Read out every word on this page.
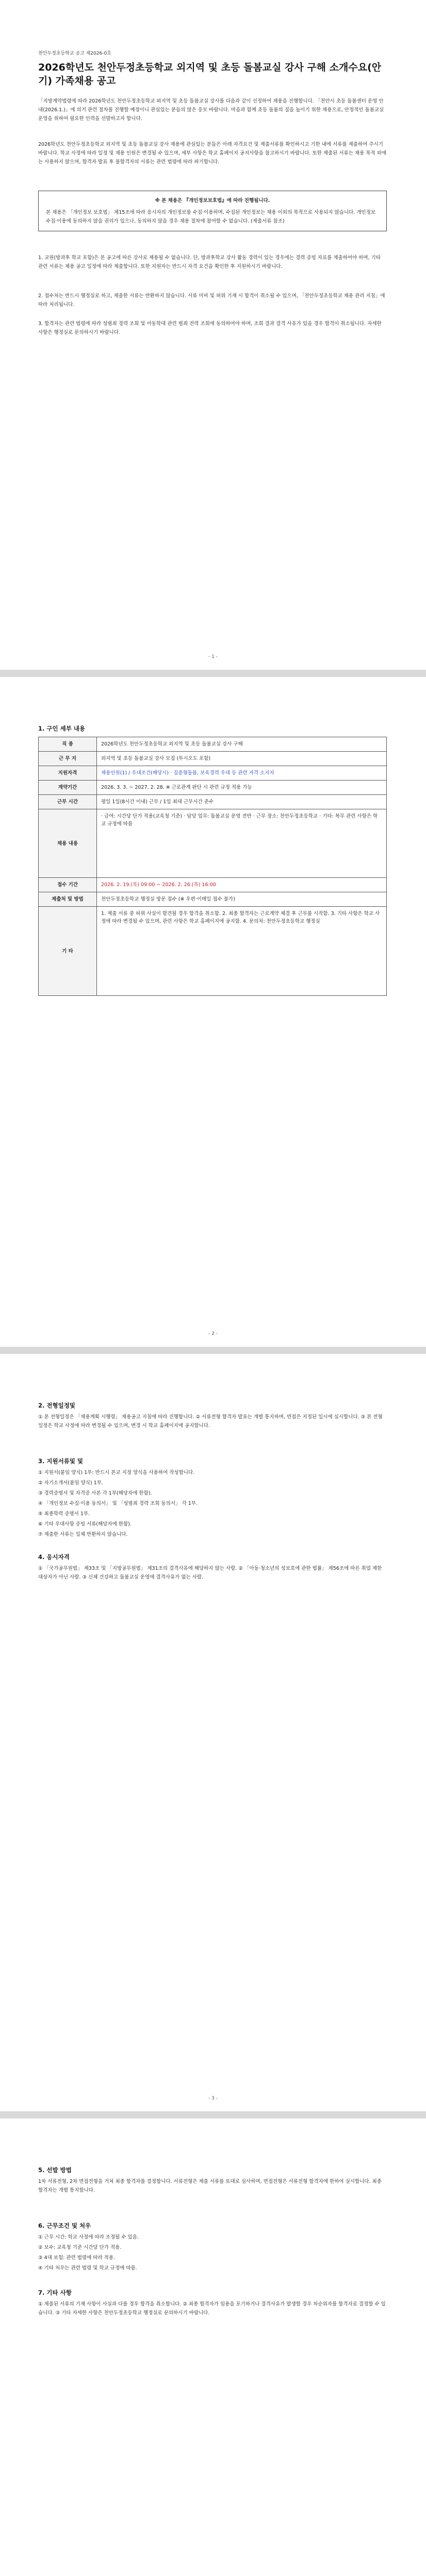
천안두정초등학교 공고 제2026-0호
2026학년도 천안두정초등학교 외지역 및 초등 돌봄교실 강사 구해 소개수요(안기) 가족채용 공고
「지방계약법령에 따라 2026학년도 천안두정초등학교 외지역 및 초등 돌봄교실 강사를 다음과 같이 선정하여 채용을 진행합니다. 「천안시 초등 돌봄센터 운영 안내(2026.1.)」에 의거 관련 절차를 진행할 예정이니 관심있는 분들의 많은 응모 바랍니다. 마을과 함께 초등 돌봄의 질을 높이기 위한 채용으로, 안정적인 돌봄교실 운영을 위하여 필요한 인력을 선발하고자 합니다.
2026학년도 천안두정초등학교 외지역 및 초등 돌봄교실 강사 채용에 관심있는 분들은 아래 자격요건 및 제출서류를 확인하시고 기한 내에 서류를 제출하여 주시기 바랍니다. 학교 사정에 따라 일정 및 채용 인원은 변경될 수 있으며, 세부 사항은 학교 홈페이지 공지사항을 참고하시기 바랍니다. 또한 제출된 서류는 채용 목적 외에는 사용하지 않으며, 합격자 발표 후 불합격자의 서류는 관련 법령에 따라 파기합니다.
※ 본 채용은 『개인정보보호법』에 따라 진행됩니다.
본 채용은 「개인정보 보호법」 제15조에 따라 응시자의 개인정보를 수집·이용하며, 수집된 개인정보는 채용 이외의 목적으로 사용되지 않습니다. 개인정보 수집·이용에 동의하지 않을 권리가 있으나, 동의하지 않을 경우 채용 절차에 참여할 수 없습니다. (제출서류 참조)
1. 교원(방과후 학교 포함)은 본 공고에 따른 강사로 채용될 수 없습니다. 단, 방과후학교 강사 활동 경력이 있는 경우에는 경력 증빙 자료를 제출하여야 하며, 기타 관련 서류는 채용 공고 일정에 따라 제출합니다. 또한 지원자는 반드시 자격 요건을 확인한 후 지원하시기 바랍니다.
2. 접수처는 반드시 행정실로 하고, 제출한 서류는 반환하지 않습니다. 서류 미비 및 허위 기재 시 합격이 취소될 수 있으며, 「천안두정초등학교 채용 관리 지침」에 따라 처리됩니다.
3. 합격자는 관련 법령에 따라 성범죄 경력 조회 및 아동학대 관련 범죄 전력 조회에 동의하여야 하며, 조회 결과 결격 사유가 있을 경우 합격이 취소됩니다. 자세한 사항은 행정실로 문의하시기 바랍니다.
- 1 -
1. 구인 세부 내용
직 종	2026학년도 천안두정초등학교 외지역 및 초등 돌봄교실 강사 구해
근 무 지	외지역 및 초등 돌봄교실 강사 모집 (투시오도 포함)
지원자격	채용인원(1) / 우대조건(해당시) · 집중형돌봄, 보육경력 우대 등 관련 자격 소지자
계약기간	2026. 3. 3. ~ 2027. 2. 28. ※ 근로관계 판단 시 관련 규정 적용 가능
근무 시간	평일 1일(8시간 이내) 근무 / 1일 최대 근무시간 준수
채용 내용	· 급여: 시간당 단가 적용(교육청 기준) · 담당 업무: 돌봄교실 운영 전반 · 근무 장소: 천안두정초등학교 · 기타: 복무 관련 사항은 학교 규정에 따름
접수 기간	2026. 2. 19.(목) 09:00 ~ 2026. 2. 26.(목) 16:00
제출처 및 방법	천안두정초등학교 행정실 방문 접수 (※ 우편·이메일 접수 불가)
기 타	1. 제출 서류 중 허위 사실이 발견될 경우 합격을 취소함. 2. 최종 합격자는 근로계약 체결 후 근무를 시작함. 3. 기타 사항은 학교 사정에 따라 변경될 수 있으며, 관련 사항은 학교 홈페이지에 공지함. 4. 문의처: 천안두정초등학교 행정실
- 2 -
2. 전형일정및
① 본 전형일정은 「채용계획 시행령」 채용공고 지침에 따라 진행합니다. ② 서류전형 합격자 발표는 개별 통지하며, 면접은 지정된 일시에 실시합니다. ③ 본 전형일정은 학교 사정에 따라 변경될 수 있으며, 변경 시 학교 홈페이지에 공지합니다.
3. 지원서류및 및
① 지원서(붙임 양식) 1부: 반드시 본교 지정 양식을 사용하여 작성합니다.
② 자기소개서(붙임 양식) 1부.
③ 경력증명서 및 자격증 사본 각 1부(해당자에 한함).
④ 「개인정보 수집·이용 동의서」 및 「성범죄 경력 조회 동의서」 각 1부.
⑤ 최종학력 증명서 1부.
⑥ 기타 우대사항 증빙 서류(해당자에 한함).
⑦ 제출한 서류는 일체 반환하지 않습니다.
4. 응시자격
① 「국가공무원법」 제33조 및 「지방공무원법」 제31조의 결격사유에 해당하지 않는 사람. ② 「아동·청소년의 성보호에 관한 법률」 제56조에 따른 취업 제한 대상자가 아닌 사람. ③ 신체 건강하고 돌봄교실 운영에 결격사유가 없는 사람.
- 3 -
5. 선발 방법
1차 서류전형, 2차 면접전형을 거쳐 최종 합격자를 결정합니다. 서류전형은 제출 서류를 토대로 심사하며, 면접전형은 서류전형 합격자에 한하여 실시합니다. 최종 합격자는 개별 통지합니다.
6. 근무조건 및 처우
① 근무 시간: 학교 사정에 따라 조정될 수 있음.
② 보수: 교육청 기준 시간당 단가 적용.
③ 4대 보험: 관련 법령에 따라 적용.
④ 기타 처우는 관련 법령 및 학교 규정에 따름.
7. 기타 사항
① 제출된 서류의 기재 사항이 사실과 다를 경우 합격을 취소합니다. ② 최종 합격자가 임용을 포기하거나 결격사유가 발생할 경우 차순위자를 합격자로 결정할 수 있습니다. ③ 기타 자세한 사항은 천안두정초등학교 행정실로 문의하시기 바랍니다.
